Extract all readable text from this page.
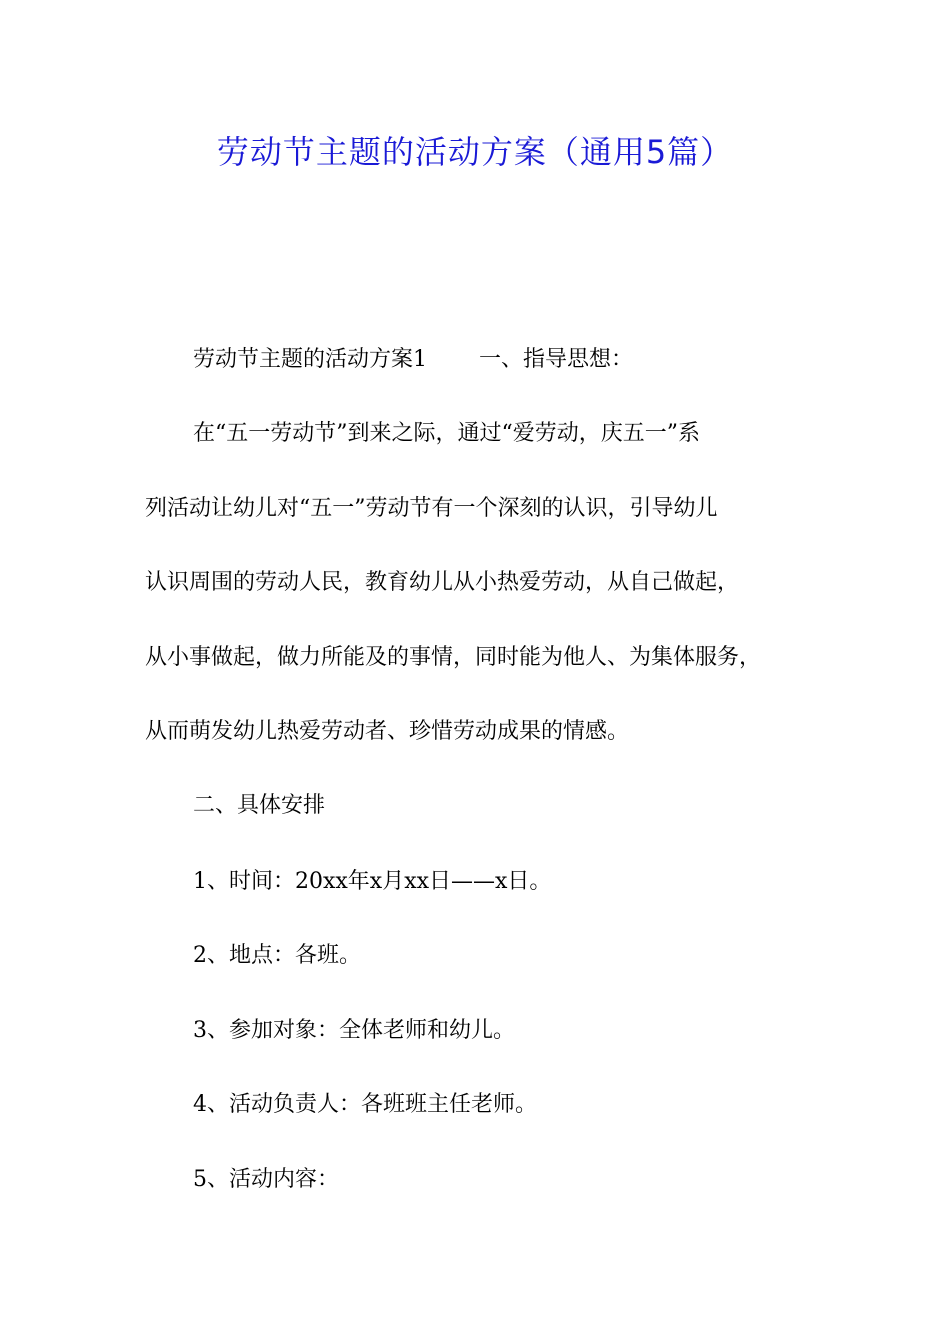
劳动节主题的活动方案（通用5篇）
劳动节主题的活动方案1 一、指导思想：
在“五一劳动节”到来之际，通过“爱劳动，庆五一”系
列活动让幼儿对“五一”劳动节有一个深刻的认识，引导幼儿
认识周围的劳动人民，教育幼儿从小热爱劳动，从自己做起，
从小事做起，做力所能及的事情，同时能为他人、为集体服务，
从而萌发幼儿热爱劳动者、珍惜劳动成果的情感。
二、具体安排
1、时间：20xx年x月xx日——x日。
2、地点：各班。
3、参加对象：全体老师和幼儿。
4、活动负责人：各班班主任老师。
5、活动内容：
